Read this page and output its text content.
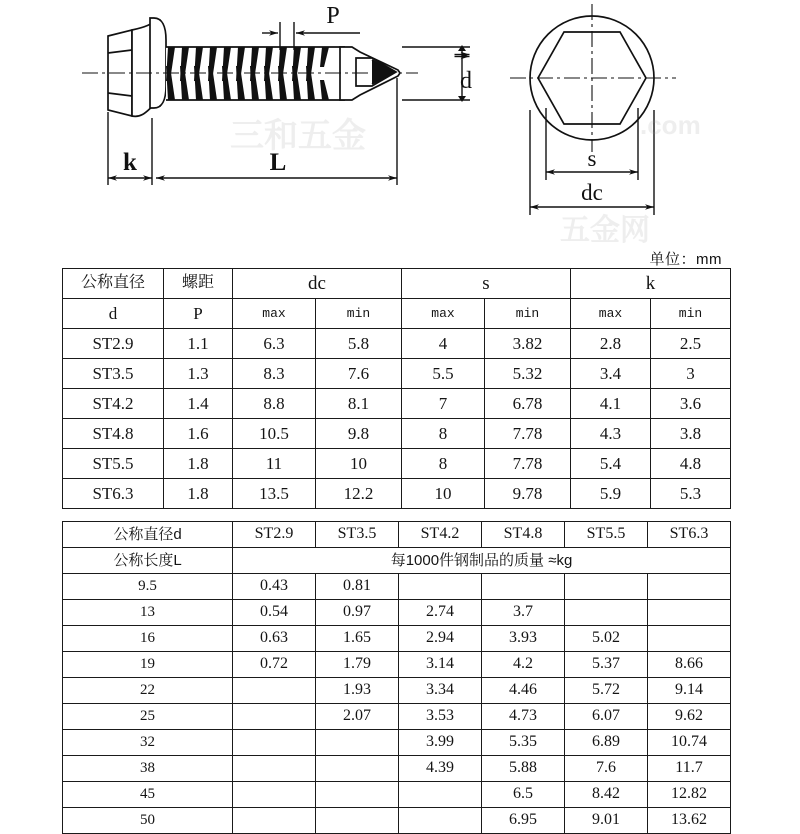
P
d
k	L	s
dc
三和五金
五金网
.com
单位：mm
公称直径	螺距	dc		s		k	
d	P	max	min	max	min	max	min
ST2.9	1.1	6.3	5.8	4	3.82	2.8	2.5
ST3.5	1.3	8.3	7.6	5.5	5.32	3.4	3
ST4.2	1.4	8.8	8.1	7	6.78	4.1	3.6
ST4.8	1.6	10.5	9.8	8	7.78	4.3	3.8
ST5.5	1.8	11	10	8	7.78	5.4	4.8
ST6.3	1.8	13.5	12.2	10	9.78	5.9	5.3
公称直径d	ST2.9	ST3.5	ST4.2	ST4.8	ST5.5	ST6.3
公称长度L	每1000件钢制品的质量 ≈kg					
9.5	0.43	0.81				
13	0.54	0.97	2.74	3.7		
16	0.63	1.65	2.94	3.93	5.02	
19	0.72	1.79	3.14	4.2	5.37	8.66
22		1.93	3.34	4.46	5.72	9.14
25		2.07	3.53	4.73	6.07	9.62
32			3.99	5.35	6.89	10.74
38			4.39	5.88	7.6	11.7
45				6.5	8.42	12.82
50				6.95	9.01	13.62
